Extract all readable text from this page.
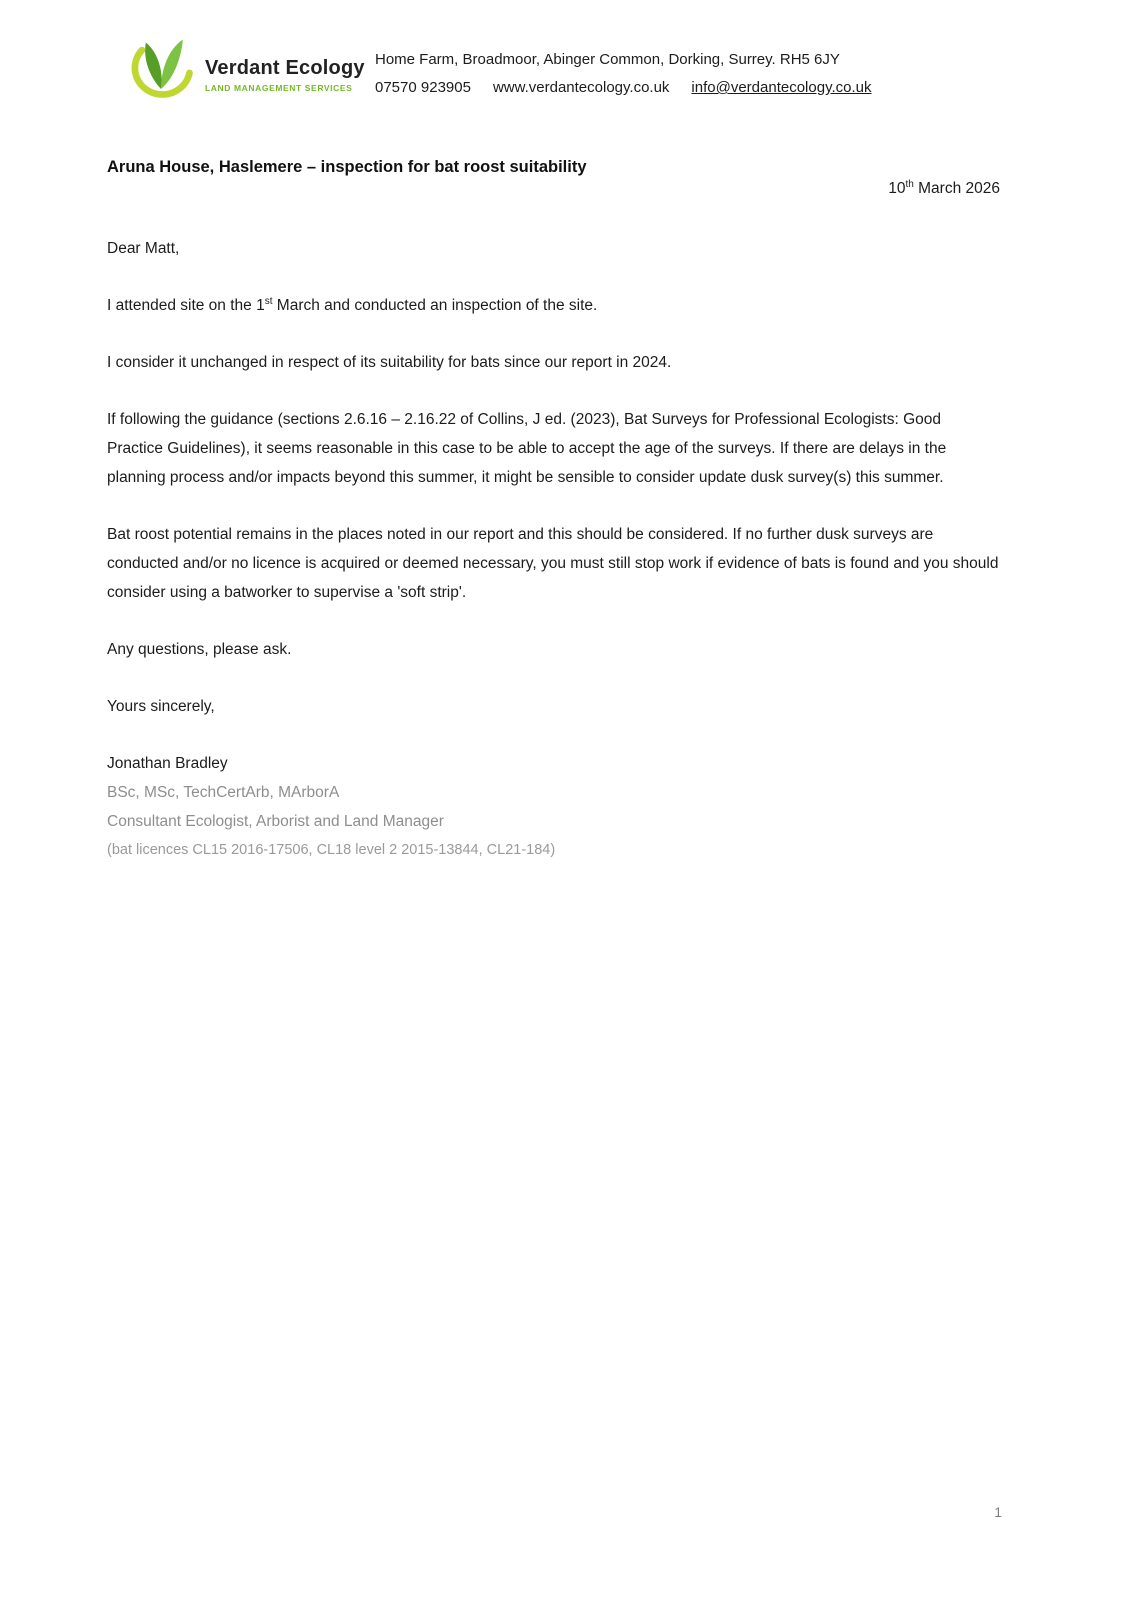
Verdant Ecology
LAND MANAGEMENT SERVICES
Home Farm, Broadmoor, Abinger Common, Dorking, Surrey. RH5 6JY
07570 923905 www.verdantecology.co.uk info@verdantecology.co.uk
Aruna House, Haslemere – inspection for bat roost suitability
10th March 2026

Dear Matt,

I attended site on the 1st March and conducted an inspection of the site.

I consider it unchanged in respect of its suitability for bats since our report in 2024.

If following the guidance (sections 2.6.16 – 2.16.22 of Collins, J ed. (2023), Bat Surveys for Professional Ecologists: Good Practice Guidelines), it seems reasonable in this case to be able to accept the age of the surveys. If there are delays in the planning process and/or impacts beyond this summer, it might be sensible to consider update dusk survey(s) this summer.

Bat roost potential remains in the places noted in our report and this should be considered. If no further dusk surveys are conducted and/or no licence is acquired or deemed necessary, you must still stop work if evidence of bats is found and you should consider using a batworker to supervise a 'soft strip'.

Any questions, please ask.

Yours sincerely,

Jonathan Bradley
BSc, MSc, TechCertArb, MArborA
Consultant Ecologist, Arborist and Land Manager
(bat licences CL15 2016-17506, CL18 level 2 2015-13844, CL21-184)
1
